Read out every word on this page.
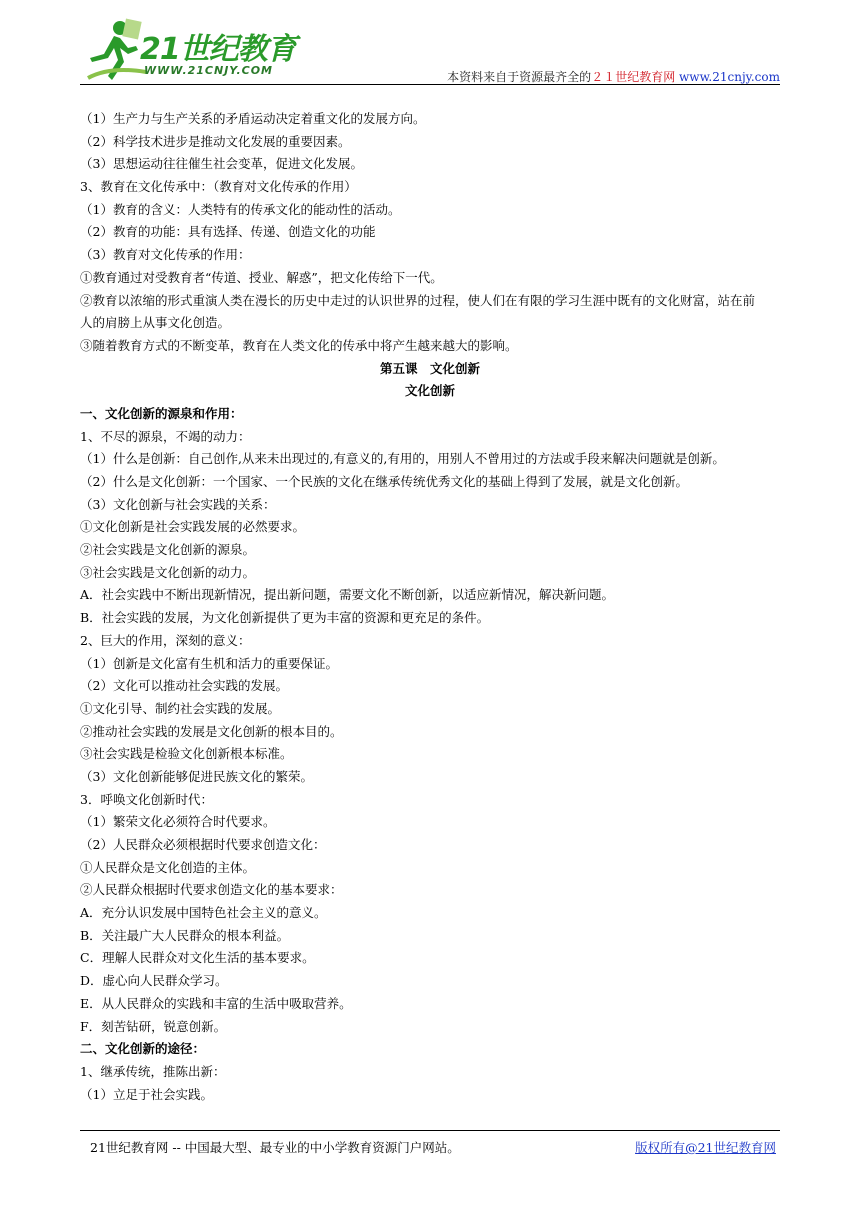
21世纪教育
WWW.21CNJY.COM	本资料来自于资源最齐全的２１世纪教育网 www.21cnjy.com
（1）生产力与生产关系的矛盾运动决定着重文化的发展方向。
（2）科学技术进步是推动文化发展的重要因素。
（3）思想运动往往催生社会变革，促进文化发展。
3、教育在文化传承中：（教育对文化传承的作用）
（1）教育的含义：人类特有的传承文化的能动性的活动。
（2）教育的功能：具有选择、传递、创造文化的功能
（3）教育对文化传承的作用：
①教育通过对受教育者“传道、授业、解惑”，把文化传给下一代。
②教育以浓缩的形式重演人类在漫长的历史中走过的认识世界的过程，使人们在有限的学习生涯中既有的文化财富，站在前
人的肩膀上从事文化创造。
③随着教育方式的不断变革，教育在人类文化的传承中将产生越来越大的影响。
第五课　文化创新
文化创新
一、文化创新的源泉和作用：
1、不尽的源泉，不竭的动力：
（1）什么是创新：自己创作,从来未出现过的,有意义的,有用的，用别人不曾用过的方法或手段来解决问题就是创新。
（2）什么是文化创新：一个国家、一个民族的文化在继承传统优秀文化的基础上得到了发展，就是文化创新。
（3）文化创新与社会实践的关系：
①文化创新是社会实践发展的必然要求。
②社会实践是文化创新的源泉。
③社会实践是文化创新的动力。
A．社会实践中不断出现新情况，提出新问题，需要文化不断创新，以适应新情况，解决新问题。
B．社会实践的发展，为文化创新提供了更为丰富的资源和更充足的条件。
2、巨大的作用，深刻的意义：
（1）创新是文化富有生机和活力的重要保证。
（2）文化可以推动社会实践的发展。
①文化引导、制约社会实践的发展。
②推动社会实践的发展是文化创新的根本目的。
③社会实践是检验文化创新根本标准。
（3）文化创新能够促进民族文化的繁荣。
3．呼唤文化创新时代：
（1）繁荣文化必须符合时代要求。
（2）人民群众必须根据时代要求创造文化：
①人民群众是文化创造的主体。
②人民群众根据时代要求创造文化的基本要求：
A．充分认识发展中国特色社会主义的意义。
B．关注最广大人民群众的根本利益。
C．理解人民群众对文化生活的基本要求。
D．虚心向人民群众学习。
E．从人民群众的实践和丰富的生活中吸取营养。
F．刻苦钻研，锐意创新。
二、文化创新的途径：
1、继承传统，推陈出新：
（1）立足于社会实践。
21世纪教育网 -- 中国最大型、最专业的中小学教育资源门户网站。	版权所有@21世纪教育网
